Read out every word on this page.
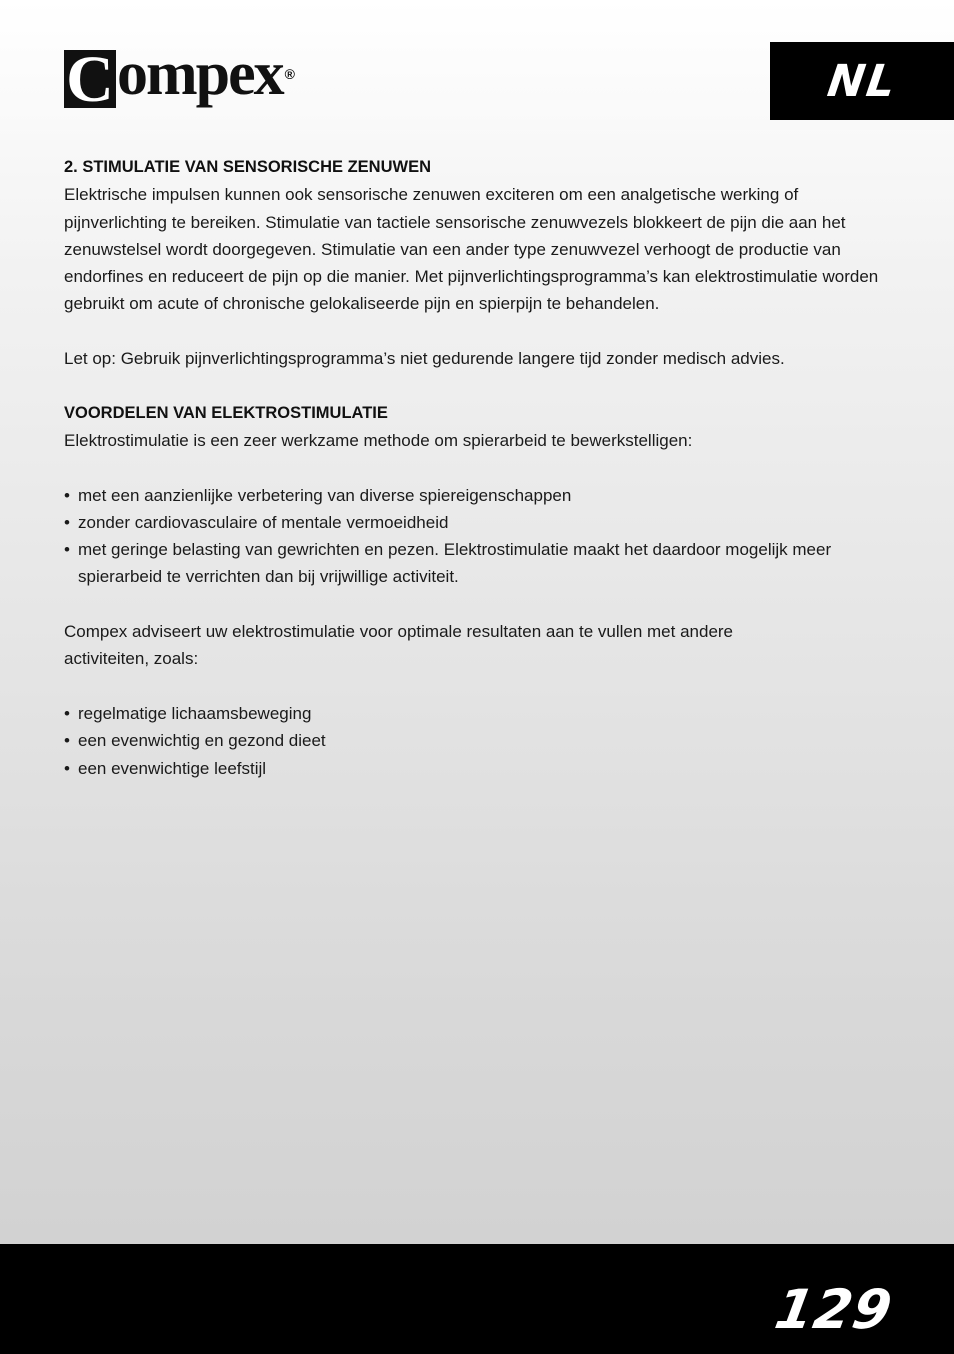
C ompex ®	NL

2. STIMULATIE VAN SENSORISCHE ZENUWEN

Elektrische impulsen kunnen ook sensorische zenuwen exciteren om een analgetische werking of pijnverlichting te bereiken. Stimulatie van tactiele sensorische zenuwvezels blokkeert de pijn die aan het zenuwstelsel wordt doorgegeven. Stimulatie van een ander type zenuwvezel verhoogt de productie van endorfines en reduceert de pijn op die manier. Met pijnverlichtingsprogramma’s kan elektrostimulatie worden gebruikt om acute of chronische gelokaliseerde pijn en spierpijn te behandelen.

Let op: Gebruik pijnverlichtingsprogramma’s niet gedurende langere tijd zonder medisch advies.

VOORDELEN VAN ELEKTROSTIMULATIE

Elektrostimulatie is een zeer werkzame methode om spierarbeid te bewerkstelligen:

• met een aanzienlijke verbetering van diverse spiereigenschappen
• zonder cardiovasculaire of mentale vermoeidheid
• met geringe belasting van gewrichten en pezen. Elektrostimulatie maakt het daardoor mogelijk meer spierarbeid te verrichten dan bij vrijwillige activiteit.

Compex adviseert uw elektrostimulatie voor optimale resultaten aan te vullen met andere

activiteiten, zoals:

• regelmatige lichaamsbeweging
• een evenwichtig en gezond dieet
• een evenwichtige leefstijl
129
